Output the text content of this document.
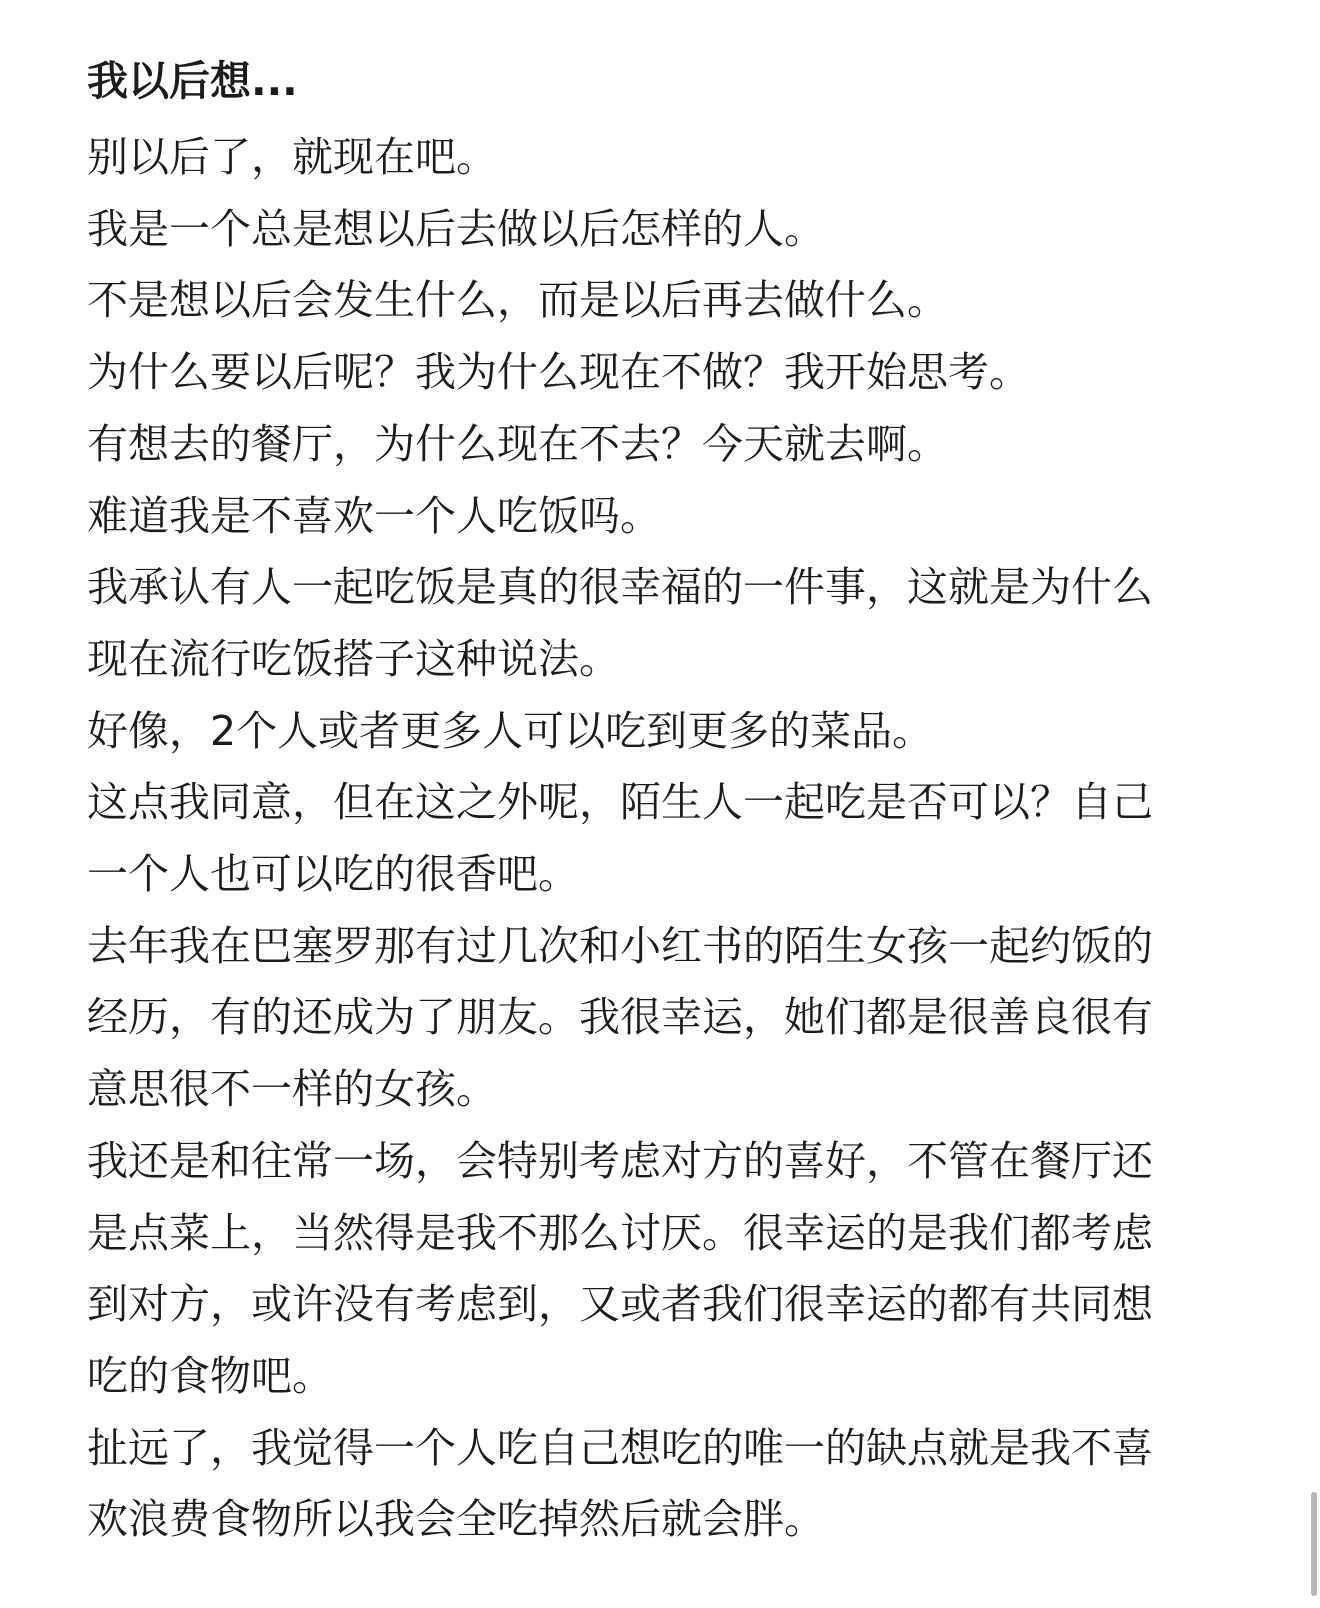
我以后想...

别以后了，就现在吧。

我是一个总是想以后去做以后怎样的人。

不是想以后会发生什么，而是以后再去做什么。

为什么要以后呢？我为什么现在不做？我开始思考。

有想去的餐厅，为什么现在不去？今天就去啊。

难道我是不喜欢一个人吃饭吗。

我承认有人一起吃饭是真的很幸福的一件事，这就是为什么现在流行吃饭搭子这种说法。

好像，2个人或者更多人可以吃到更多的菜品。

这点我同意，但在这之外呢，陌生人一起吃是否可以？自己一个人也可以吃的很香吧。

去年我在巴塞罗那有过几次和小红书的陌生女孩一起约饭的经历，有的还成为了朋友。我很幸运，她们都是很善良很有意思很不一样的女孩。

我还是和往常一场，会特别考虑对方的喜好，不管在餐厅还是点菜上，当然得是我不那么讨厌。很幸运的是我们都考虑到对方，或许没有考虑到，又或者我们很幸运的都有共同想吃的食物吧。

扯远了，我觉得一个人吃自己想吃的唯一的缺点就是我不喜欢浪费食物所以我会全吃掉然后就会胖。
